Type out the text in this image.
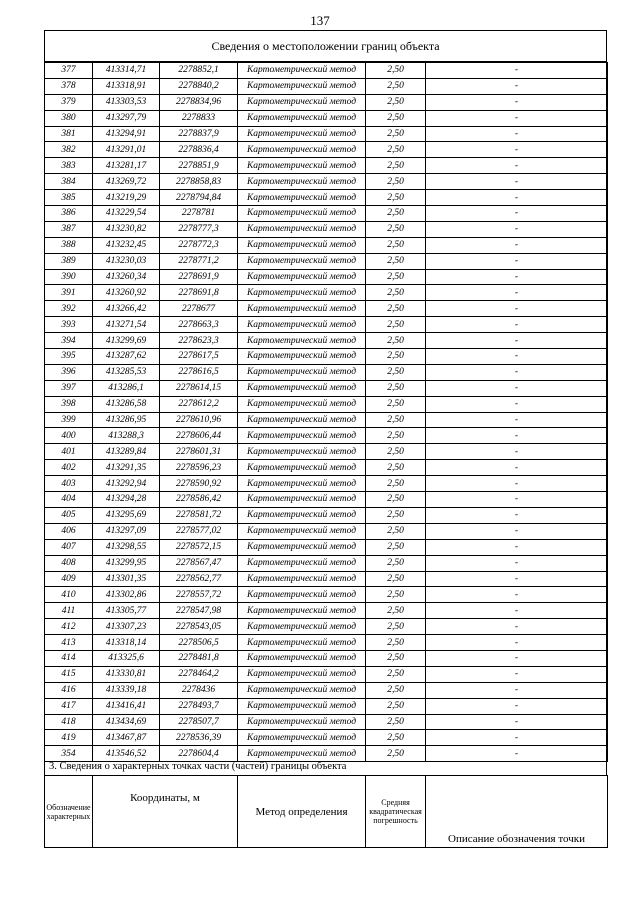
137
Сведения о местоположении границ объекта
377	413314,71	2278852,1	Картометрический метод	2,50	-
378	413318,91	2278840,2	Картометрический метод	2,50	-
379	413303,53	2278834,96	Картометрический метод	2,50	-
380	413297,79	2278833	Картометрический метод	2,50	-
381	413294,91	2278837,9	Картометрический метод	2,50	-
382	413291,01	2278836,4	Картометрический метод	2,50	-
383	413281,17	2278851,9	Картометрический метод	2,50	-
384	413269,72	2278858,83	Картометрический метод	2,50	-
385	413219,29	2278794,84	Картометрический метод	2,50	-
386	413229,54	2278781	Картометрический метод	2,50	-
387	413230,82	2278777,3	Картометрический метод	2,50	-
388	413232,45	2278772,3	Картометрический метод	2,50	-
389	413230,03	2278771,2	Картометрический метод	2,50	-
390	413260,34	2278691,9	Картометрический метод	2,50	-
391	413260,92	2278691,8	Картометрический метод	2,50	-
392	413266,42	2278677	Картометрический метод	2,50	-
393	413271,54	2278663,3	Картометрический метод	2,50	-
394	413299,69	2278623,3	Картометрический метод	2,50	-
395	413287,62	2278617,5	Картометрический метод	2,50	-
396	413285,53	2278616,5	Картометрический метод	2,50	-
397	413286,1	2278614,15	Картометрический метод	2,50	-
398	413286,58	2278612,2	Картометрический метод	2,50	-
399	413286,95	2278610,96	Картометрический метод	2,50	-
400	413288,3	2278606,44	Картометрический метод	2,50	-
401	413289,84	2278601,31	Картометрический метод	2,50	-
402	413291,35	2278596,23	Картометрический метод	2,50	-
403	413292,94	2278590,92	Картометрический метод	2,50	-
404	413294,28	2278586,42	Картометрический метод	2,50	-
405	413295,69	2278581,72	Картометрический метод	2,50	-
406	413297,09	2278577,02	Картометрический метод	2,50	-
407	413298,55	2278572,15	Картометрический метод	2,50	-
408	413299,95	2278567,47	Картометрический метод	2,50	-
409	413301,35	2278562,77	Картометрический метод	2,50	-
410	413302,86	2278557,72	Картометрический метод	2,50	-
411	413305,77	2278547,98	Картометрический метод	2,50	-
412	413307,23	2278543,05	Картометрический метод	2,50	-
413	413318,14	2278506,5	Картометрический метод	2,50	-
414	413325,6	2278481,8	Картометрический метод	2,50	-
415	413330,81	2278464,2	Картометрический метод	2,50	-
416	413339,18	2278436	Картометрический метод	2,50	-
417	413416,41	2278493,7	Картометрический метод	2,50	-
418	413434,69	2278507,7	Картометрический метод	2,50	-
419	413467,87	2278536,39	Картометрический метод	2,50	-
354	413546,52	2278604,4	Картометрический метод	2,50	-
3. Сведения о характерных точках части (частей) границы объекта
Обозначение характерных	Координаты, м	Метод определения	Средняя квадратическая погрешность	Описание обозначения точки
